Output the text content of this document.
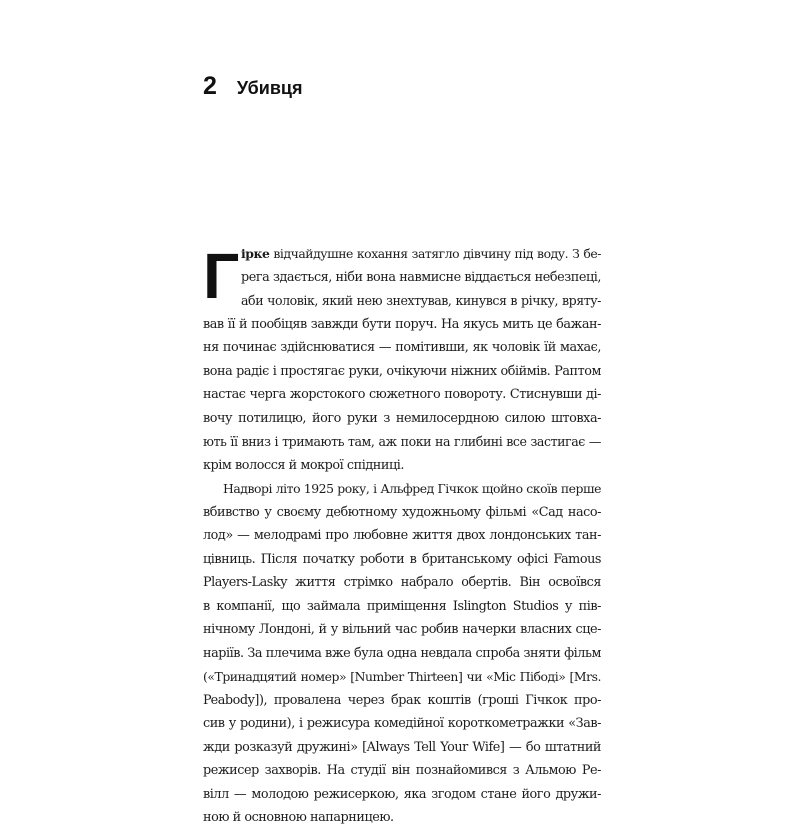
2 Убивця
Г ірке відчайдушне кохання затягло дівчину під воду. З бе-
рега здається, ніби вона навмисне віддається небезпеці,
аби чоловік, який нею знехтував, кинувся в річку, вряту-
вав її й пообіцяв завжди бути поруч. На якусь мить це бажан-
ня починає здійснюватися — помітивши, як чоловік їй махає,
вона радіє і простягає руки, очікуючи ніжних обіймів. Раптом
настає черга жорстокого сюжетного повороту. Стиснувши ді-
вочу потилицю, його руки з немилосердною силою штовха-
ють її вниз і тримають там, аж поки на глибині все застигає —
крім волосся й мокрої спідниці.
Надворі літо 1925 року, і Альфред Гічкок щойно скоїв перше
вбивство у своєму дебютному художньому фільмі «Сад насо-
лод» — мелодрамі про любовне життя двох лондонських тан-
цівниць. Після початку роботи в британському офісі Famous
Players-Lasky життя стрімко набрало обертів. Він освоївся
в компанії, що займала приміщення Islington Studios у пів-
нічному Лондоні, й у вільний час робив начерки власних сце-
наріїв. За плечима вже була одна невдала спроба зняти фільм
(«Тринадцятий номер» [Number Thirteen] чи «Міс Пібоді» [Mrs.
Peabody]), провалена через брак коштів (гроші Гічкок про-
сив у родини), і режисура комедійної короткометражки «Зав-
жди розказуй дружині» [Always Tell Your Wife] — бо штатний
режисер захворів. На студії він познайомився з Альмою Ре-
вілл — молодою режисеркою, яка згодом стане його дружи-
ною й основною напарницею.
